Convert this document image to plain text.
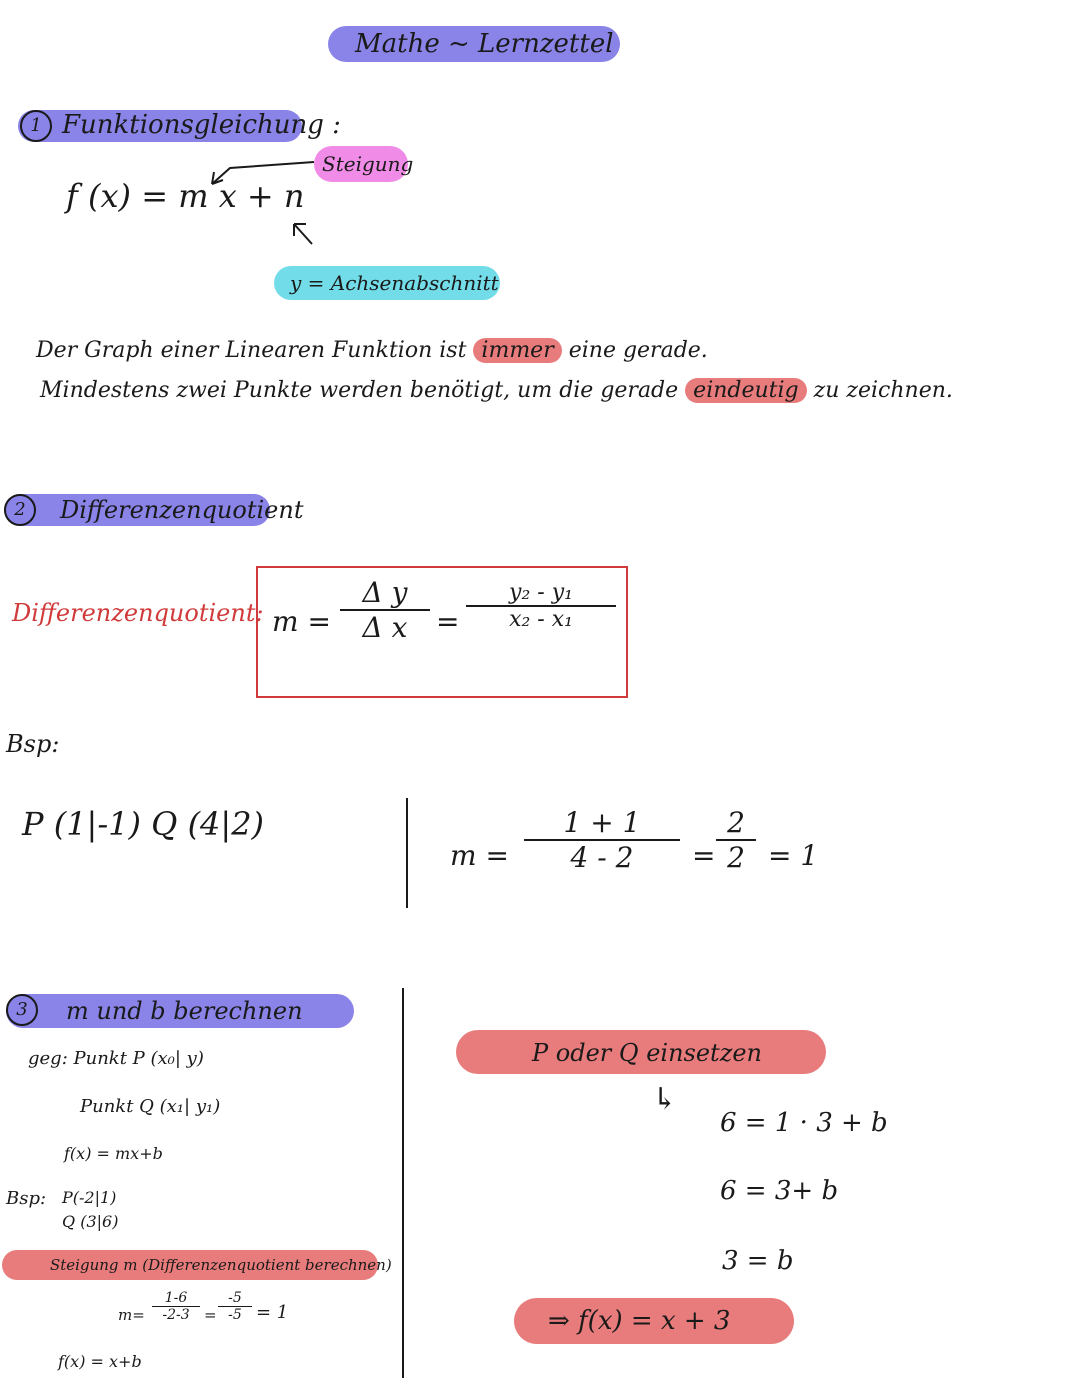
Mathe ~ Lernzettel
1 Funktionsgleichung :
f (x) = m x + n
Steigung
y = Achsenabschnitt
Der Graph einer Linearen Funktion ist immer eine gerade.
Mindestens zwei Punkte werden benötigt, um die gerade eindeutig zu zeichnen.
2	Differenzenquotient
Differenzenquotient: m =
Δ y
Δ x =
y₂ - y₁
x₂ - x₁
Bsp:
P (1|-1) Q (4|2)
m =
1 + 1
4 - 2 =
2
2 = 1
3	m und b berechnen
geg: Punkt P (x₀| y)
Punkt Q (x₁| y₁)
f(x) = mx+b
Bsp: P(-2|1)
Q (3|6)
Steigung m (Differenzenquotient berechnen)
m=
1-6
-2-3 =
-5
-5 = 1
f(x) = x+b
P oder Q einsetzen
↳
6 = 1 · 3 + b
6 = 3+ b
3 = b
⇒ f(x) = x + 3
